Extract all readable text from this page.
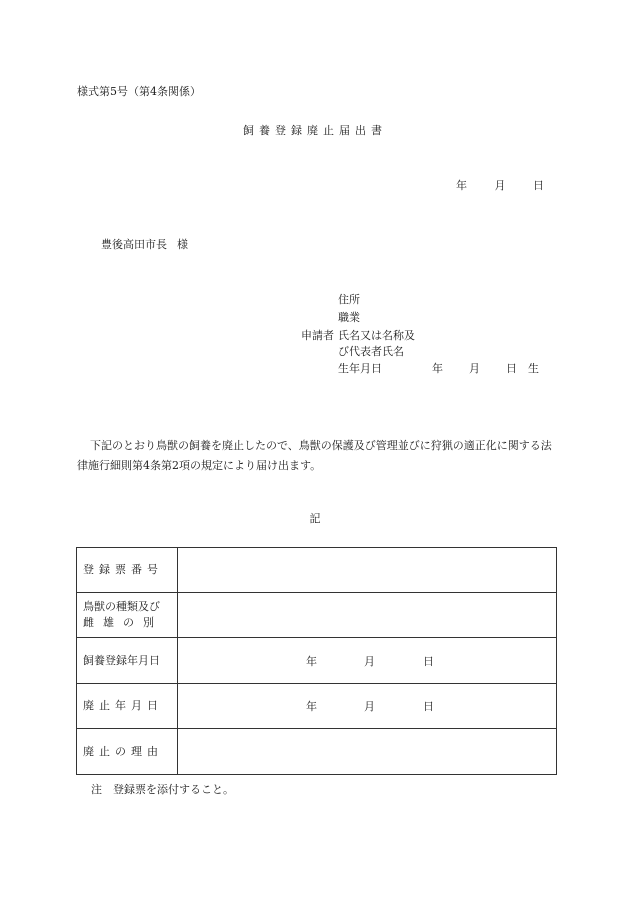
様式第5号（第4条関係）
飼養登録廃止届出書
年	月	日
豊後高田市長 様
申請者
住所
職業
氏名又は名称及
び代表者氏名
生年月日	年 月 日 生

下記のとおり鳥獣の飼養を廃止したので、鳥獣の保護及び管理並びに狩猟の適正化に関する法律施行細則第4条第2項の規定により届け出ます。

記
登録票番号	

鳥獣の種類及び
雌雄の別	

飼養登録年月日	年 月 日

廃止年月日	年 月 日

廃止の理由	
注　登録票を添付すること。
